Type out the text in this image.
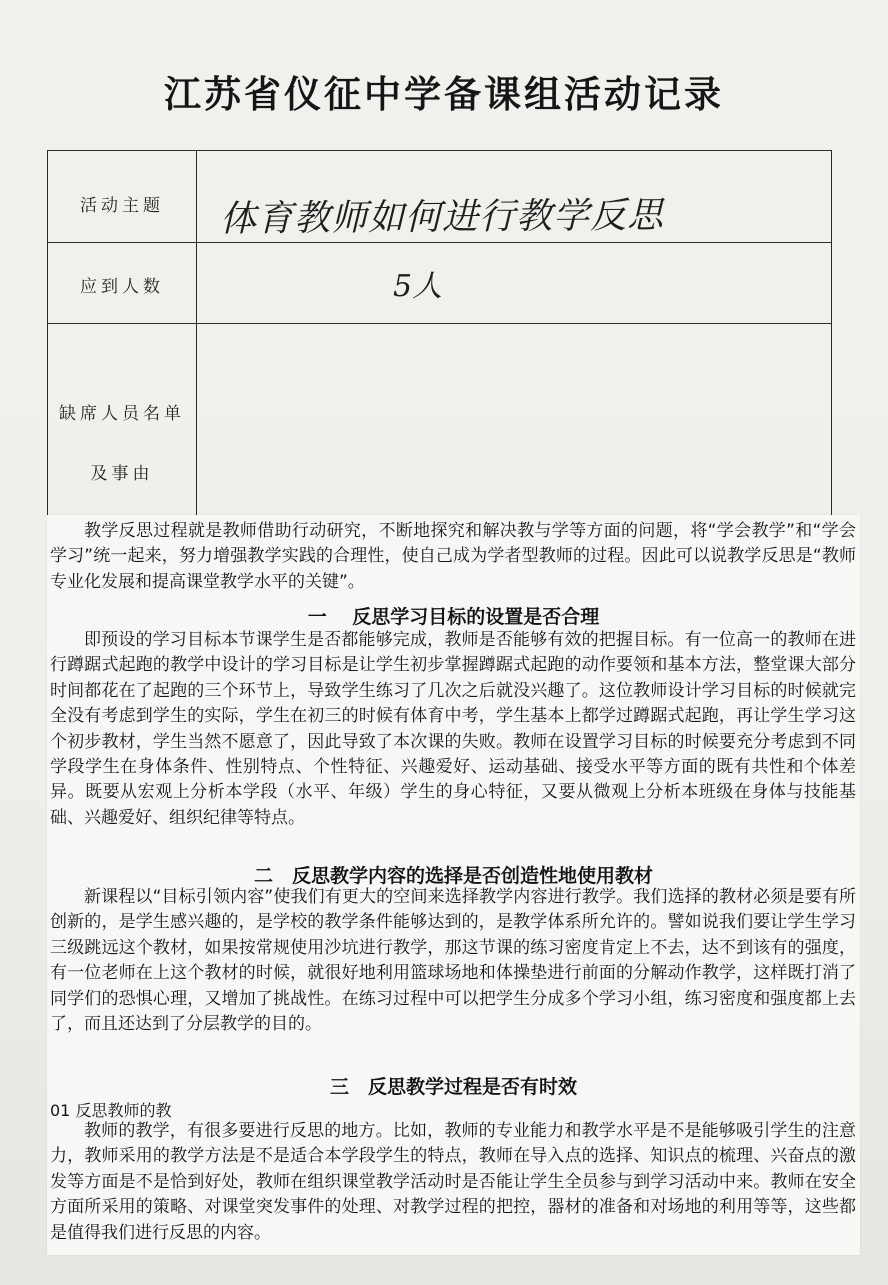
江苏省仪征中学备课组活动记录
活动主题	体育教师如何进行教学反思
应到人数	5人
缺席人员名单
及事由

教学反思过程就是教师借助行动研究，不断地探究和解决教与学等方面的问题，将“学会教学”和“学会学习”统一起来，努力增强教学实践的合理性，使自己成为学者型教师的过程。因此可以说教学反思是“教师专业化发展和提高课堂教学水平的关键”。

一　 反思学习目标的设置是否合理

即预设的学习目标本节课学生是否都能够完成，教师是否能够有效的把握目标。有一位高一的教师在进行蹲踞式起跑的教学中设计的学习目标是让学生初步掌握蹲踞式起跑的动作要领和基本方法，整堂课大部分时间都花在了起跑的三个环节上，导致学生练习了几次之后就没兴趣了。这位教师设计学习目标的时候就完全没有考虑到学生的实际，学生在初三的时候有体育中考，学生基本上都学过蹲踞式起跑，再让学生学习这个初步教材，学生当然不愿意了，因此导致了本次课的失败。教师在设置学习目标的时候要充分考虑到不同学段学生在身体条件、性别特点、个性特征、兴趣爱好、运动基础、接受水平等方面的既有共性和个体差异。既要从宏观上分析本学段（水平、年级）学生的身心特征，又要从微观上分析本班级在身体与技能基础、兴趣爱好、组织纪律等特点。

二　反思教学内容的选择是否创造性地使用教材

新课程以“目标引领内容”使我们有更大的空间来选择教学内容进行教学。我们选择的教材必须是要有所创新的，是学生感兴趣的，是学校的教学条件能够达到的，是教学体系所允许的。譬如说我们要让学生学习三级跳远这个教材，如果按常规使用沙坑进行教学，那这节课的练习密度肯定上不去，达不到该有的强度，有一位老师在上这个教材的时候，就很好地利用篮球场地和体操垫进行前面的分解动作教学，这样既打消了同学们的恐惧心理，又增加了挑战性。在练习过程中可以把学生分成多个学习小组，练习密度和强度都上去了，而且还达到了分层教学的目的。

三　反思教学过程是否有时效
01 反思教师的教

教师的教学，有很多要进行反思的地方。比如，教师的专业能力和教学水平是不是能够吸引学生的注意力，教师采用的教学方法是不是适合本学段学生的特点，教师在导入点的选择、知识点的梳理、兴奋点的激发等方面是不是恰到好处，教师在组织课堂教学活动时是否能让学生全员参与到学习活动中来。教师在安全方面所采用的策略、对课堂突发事件的处理、对教学过程的把控，器材的准备和对场地的利用等等，这些都是值得我们进行反思的内容。
